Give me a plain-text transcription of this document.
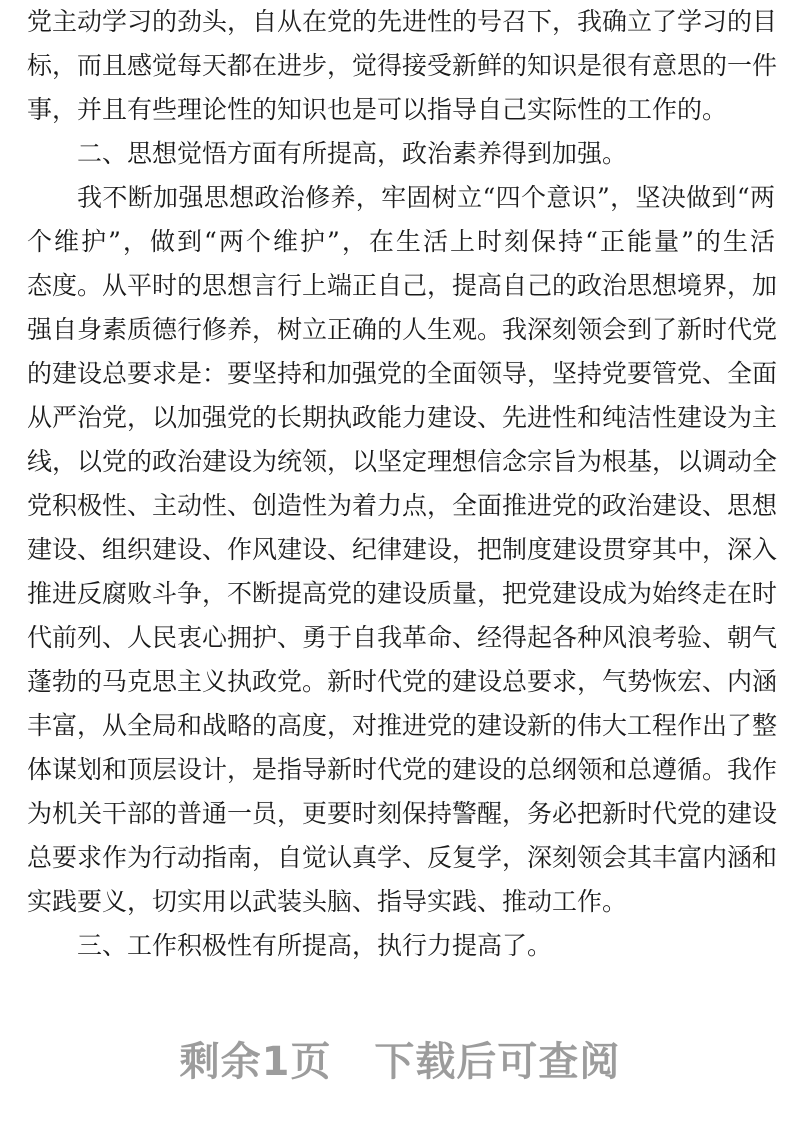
党主动学习的劲头，自从在党的先进性的号召下，我确立了学习的目
标，而且感觉每天都在进步，觉得接受新鲜的知识是很有意思的一件
事，并且有些理论性的知识也是可以指导自己实际性的工作的。
二、思想觉悟方面有所提高，政治素养得到加强。
我不断加强思想政治修养，牢固树立“四个意识”，坚决做到“两
个维护”，做到“两个维护”，在生活上时刻保持“正能量”的生活
态度。从平时的思想言行上端正自己，提高自己的政治思想境界，加
强自身素质德行修养，树立正确的人生观。我深刻领会到了新时代党
的建设总要求是：要坚持和加强党的全面领导，坚持党要管党、全面
从严治党，以加强党的长期执政能力建设、先进性和纯洁性建设为主
线，以党的政治建设为统领，以坚定理想信念宗旨为根基，以调动全
党积极性、主动性、创造性为着力点，全面推进党的政治建设、思想
建设、组织建设、作风建设、纪律建设，把制度建设贯穿其中，深入
推进反腐败斗争，不断提高党的建设质量，把党建设成为始终走在时
代前列、人民衷心拥护、勇于自我革命、经得起各种风浪考验、朝气
蓬勃的马克思主义执政党。新时代党的建设总要求，气势恢宏、内涵
丰富，从全局和战略的高度，对推进党的建设新的伟大工程作出了整
体谋划和顶层设计，是指导新时代党的建设的总纲领和总遵循。我作
为机关干部的普通一员，更要时刻保持警醒，务必把新时代党的建设
总要求作为行动指南，自觉认真学、反复学，深刻领会其丰富内涵和
实践要义，切实用以武装头脑、指导实践、推动工作。
三、工作积极性有所提高，执行力提高了。
剩余1页 下载后可查阅
